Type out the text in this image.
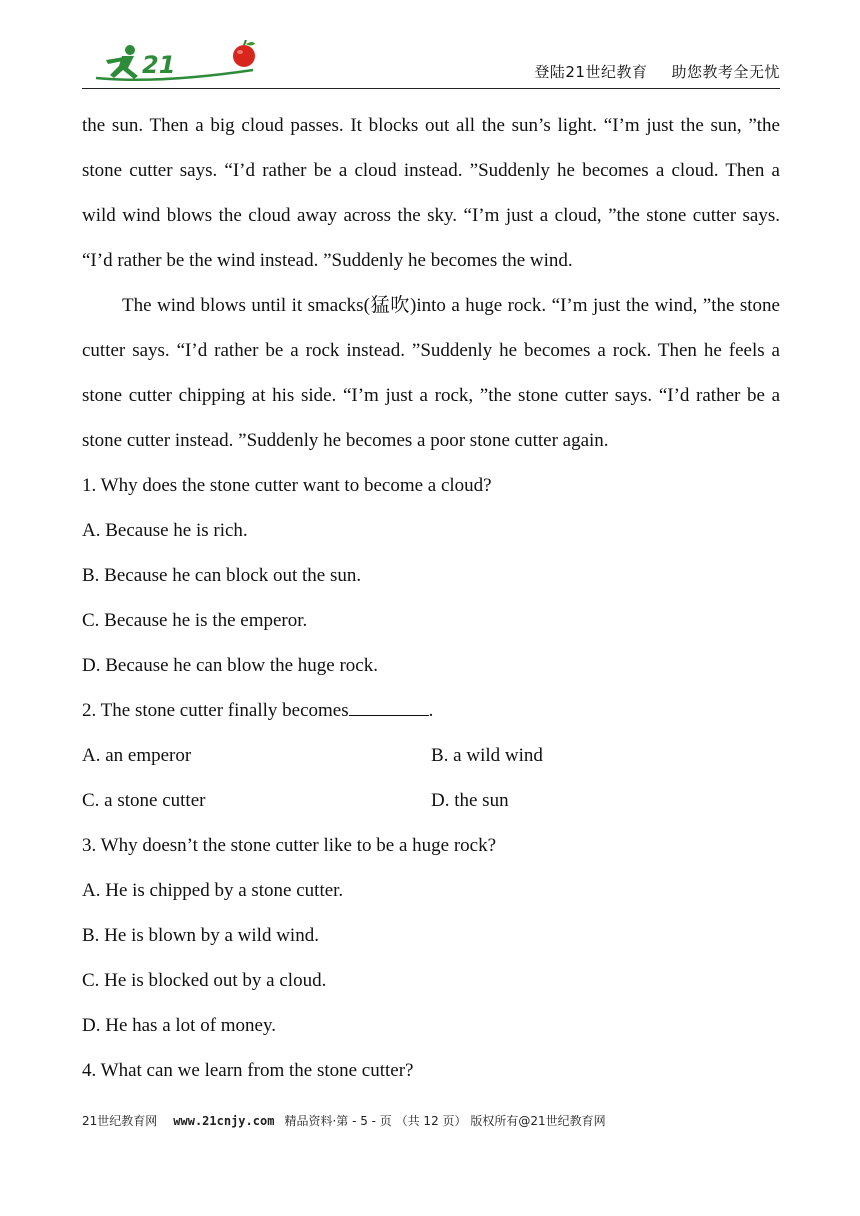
21	登陆21世纪教育 助您教考全无忧

the sun. Then a big cloud passes. It blocks out all the sun’s light. “I’m just the sun, ”the stone cutter says. “I’d rather be a cloud instead. ”Suddenly he becomes a cloud. Then a wild wind blows the cloud away across the sky. “I’m just a cloud, ”the stone cutter says. “I’d rather be the wind instead. ”Suddenly he becomes the wind.

The wind blows until it smacks(猛吹)into a huge rock. “I’m just the wind, ”the stone cutter says. “I’d rather be a rock instead. ”Suddenly he becomes a rock. Then he feels a stone cutter chipping at his side. “I’m just a rock, ”the stone cutter says. “I’d rather be a stone cutter instead. ”Suddenly he becomes a poor stone cutter again.

1. Why does the stone cutter want to become a cloud?

A. Because he is rich.

B. Because he can block out the sun.

C. Because he is the emperor.

D. Because he can blow the huge rock.

2. The stone cutter finally becomes	.

A. an emperor	B. a wild wind
C. a stone cutter	D. the sun

3. Why doesn’t the stone cutter like to be a huge rock?

A. He is chipped by a stone cutter.

B. He is blown by a wild wind.

C. He is blocked out by a cloud.

D. He has a lot of money.

4. What can we learn from the stone cutter?

21世纪教育网 www.21cnjy.com 精品资料·第 - 5 - 页 （共 12 页） 版权所有@21世纪教育网
